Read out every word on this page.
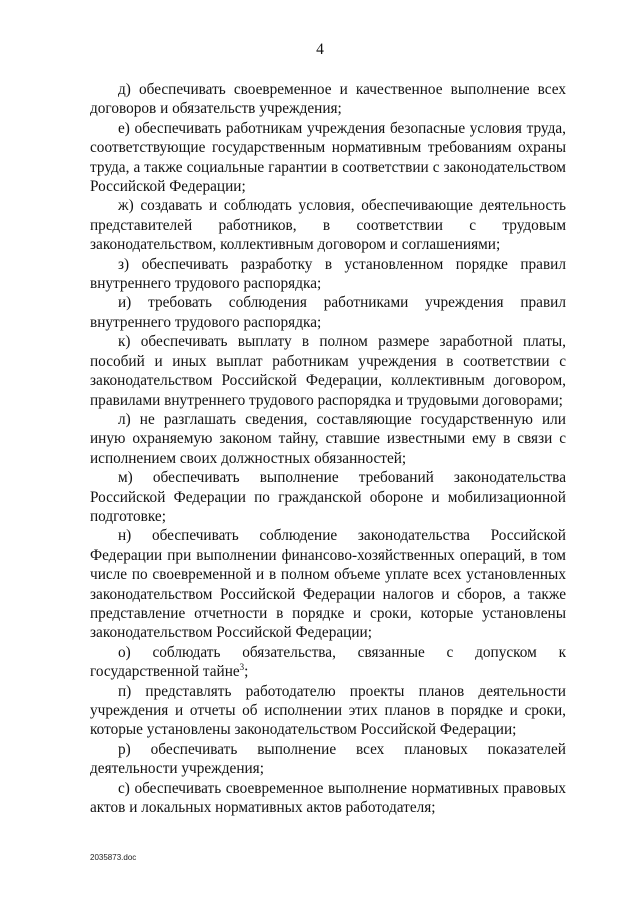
4

д) обеспечивать своевременное и качественное выполнение всех договоров и обязательств учреждения;

е) обеспечивать работникам учреждения безопасные условия труда, соответствующие государственным нормативным требованиям охраны труда, а также социальные гарантии в соответствии с законодательством Российской Федерации;

ж) создавать и соблюдать условия, обеспечивающие деятельность представителей работников, в соответствии с трудовым законодательством, коллективным договором и соглашениями;

з) обеспечивать разработку в установленном порядке правил внутреннего трудового распорядка;

и) требовать соблюдения работниками учреждения правил внутреннего трудового распорядка;

к) обеспечивать выплату в полном размере заработной платы, пособий и иных выплат работникам учреждения в соответствии с законодательством Российской Федерации, коллективным договором, правилами внутреннего трудового распорядка и трудовыми договорами;

л) не разглашать сведения, составляющие государственную или иную охраняемую законом тайну, ставшие известными ему в связи с исполнением своих должностных обязанностей;

м) обеспечивать выполнение требований законодательства Российской Федерации по гражданской обороне и мобилизационной подготовке;

н) обеспечивать соблюдение законодательства Российской Федерации при выполнении финансово-хозяйственных операций, в том числе по своевременной и в полном объеме уплате всех установленных законодательством Российской Федерации налогов и сборов, а также представление отчетности в порядке и сроки, которые установлены законодательством Российской Федерации;

о) соблюдать обязательства, связанные с допуском к государственной тайне$^3$;

п) представлять работодателю проекты планов деятельности учреждения и отчеты об исполнении этих планов в порядке и сроки, которые установлены законодательством Российской Федерации;

р) обеспечивать выполнение всех плановых показателей деятельности учреждения;

с) обеспечивать своевременное выполнение нормативных правовых актов и локальных нормативных актов работодателя;

2035873.doc
